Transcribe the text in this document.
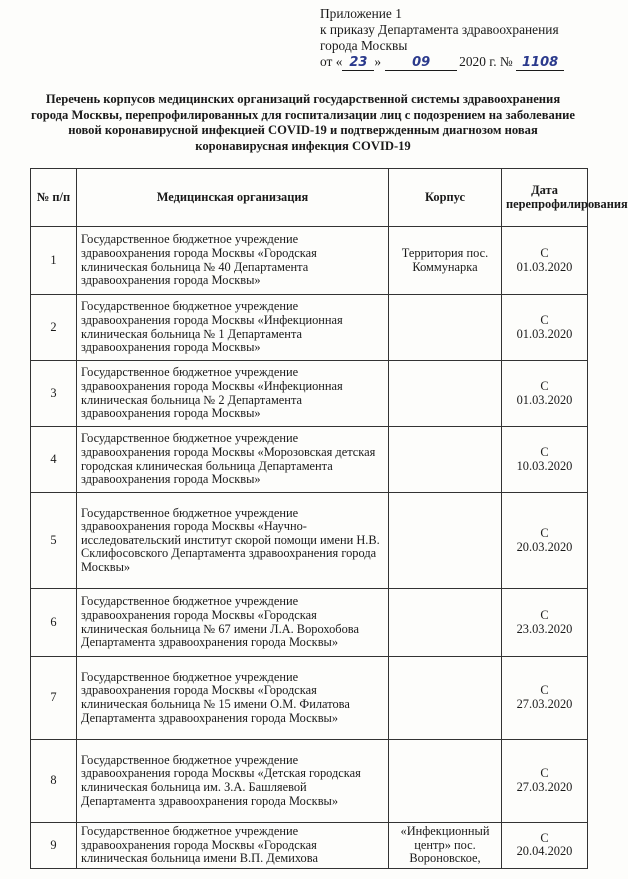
Приложение 1
к приказу Департамента здравоохранения
города Москвы
от « 23 » 09 2020 г. № 1108
Перечень корпусов медицинских организаций государственной системы здравоохранения города Москвы, перепрофилированных для госпитализации лиц с подозрением на заболевание новой коронавирусной инфекцией COVID-19 и подтвержденным диагнозом новая коронавирусная инфекция COVID-19
№ п/п	Медицинская организация	Корпус	Дата перепрофилирования
1	Государственное бюджетное учреждение здравоохранения города Москвы «Городская клиническая больница № 40 Департамента здравоохранения города Москвы»	Территория пос. Коммунарка	С
01.03.2020

2	Государственное бюджетное учреждение здравоохранения города Москвы «Инфекционная клиническая больница № 1 Департамента здравоохранения города Москвы»		С
01.03.2020

3	Государственное бюджетное учреждение здравоохранения города Москвы «Инфекционная клиническая больница № 2 Департамента здравоохранения города Москвы»		С
01.03.2020

4	Государственное бюджетное учреждение здравоохранения города Москвы «Морозовская детская городская клиническая больница Департамента здравоохранения города Москвы»		С
10.03.2020

5	Государственное бюджетное учреждение здравоохранения города Москвы «Научно-исследовательский институт скорой помощи имени Н.В. Склифосовского Департамента здравоохранения города Москвы»		С
20.03.2020

6	Государственное бюджетное учреждение здравоохранения города Москвы «Городская клиническая больница № 67 имени Л.А. Ворохобова Департамента здравоохранения города Москвы»		С
23.03.2020

7	Государственное бюджетное учреждение здравоохранения города Москвы «Городская клиническая больница № 15 имени О.М. Филатова Департамента здравоохранения города Москвы»		С
27.03.2020

8	Государственное бюджетное учреждение здравоохранения города Москвы «Детская городская клиническая больница им. З.А. Башляевой Департамента здравоохранения города Москвы»		С
27.03.2020

9	Государственное бюджетное учреждение здравоохранения города Москвы «Городская клиническая больница имени В.П. Демихова	«Инфекционный центр» пос. Вороновское,	С
20.04.2020
